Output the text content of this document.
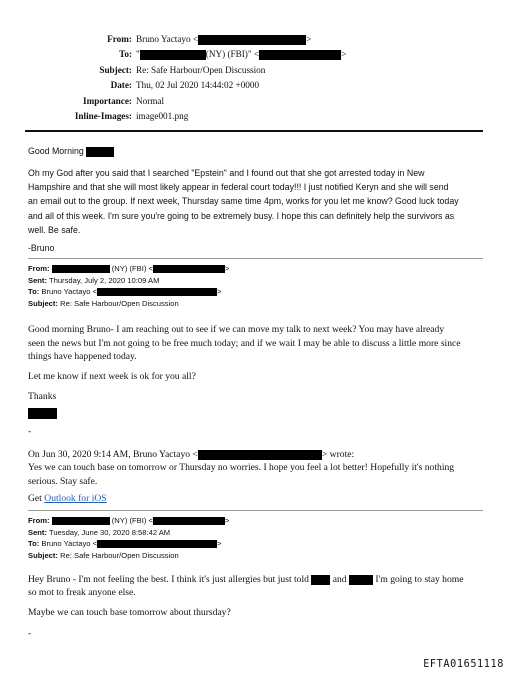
From: Bruno Yactayo <	>
To: "	(NY) (FBI)" <	>
Subject: Re: Safe Harbour/Open Discussion
Date: Thu, 02 Jul 2020 14:44:02 +0000
Importance: Normal
Inline-Images: image001.png
Good Morning
Oh my God after you said that I searched "Epstein" and I found out that she got arrested today in New
Hampshire and that she will most likely appear in federal court today!!! I just notified Keryn and she will send
an email out to the group. If next week, Thursday same time 4pm, works for you let me know? Good luck today
and all of this week. I'm sure you're going to be extremely busy. I hope this can definitely help the survivors as
well. Be safe.
-Bruno
From:	(NY) (FBI) <	>
Sent: Thursday, July 2, 2020 10:09 AM
To: Bruno Yactayo <	>
Subject: Re: Safe Harbour/Open Discussion
Good morning Bruno- I am reaching out to see if we can move my talk to next week? You may have already
seen the news but I'm not going to be free much today; and if we wait I may be able to discuss a little more since
things have happened today.
Let me know if next week is ok for you all?
Thanks
-
On Jun 30, 2020 9:14 AM, Bruno Yactayo <	> wrote:
Yes we can touch base on tomorrow or Thursday no worries. I hope you feel a lot better! Hopefully it's nothing
serious. Stay safe.
Get Outlook for iOS
From:	(NY) (FBI) <	>
Sent: Tuesday, June 30, 2020 8:58:42 AM
To: Bruno Yactayo <	>
Subject: Re: Safe Harbour/Open Discussion
Hey Bruno - I'm not feeling the best. I think it's just allergies but just told and	I'm going to stay home
so mot to freak anyone else.
Maybe we can touch base tomorrow about thursday?
-
EFTA01651118
